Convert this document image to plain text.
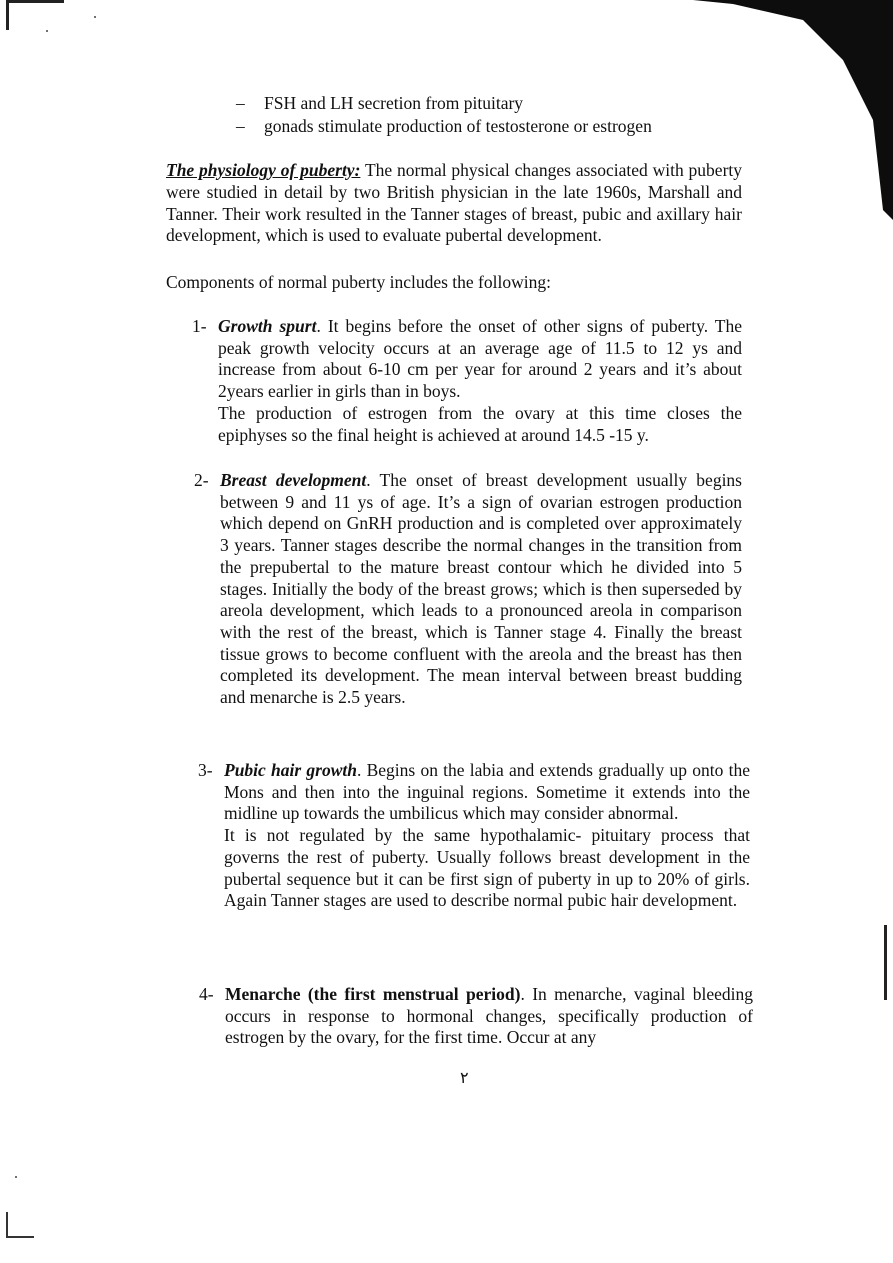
– FSH and LH secretion from pituitary
– gonads stimulate production of testosterone or estrogen
The physiology of puberty: The normal physical changes associated with puberty were studied in detail by two British physician in the late 1960s, Marshall and Tanner. Their work resulted in the Tanner stages of breast, pubic and axillary hair development, which is used to evaluate pubertal development.
Components of normal puberty includes the following:
1- Growth spurt. It begins before the onset of other signs of puberty. The peak growth velocity occurs at an average age of 11.5 to 12 ys and increase from about 6-10 cm per year for around 2 years and it’s about 2years earlier in girls than in boys.

The production of estrogen from the ovary at this time closes the epiphyses so the final height is achieved at around 14.5 -15 y.

2- Breast development. The onset of breast development usually begins between 9 and 11 ys of age. It’s a sign of ovarian estrogen production which depend on GnRH production and is completed over approximately 3 years. Tanner stages describe the normal changes in the transition from the prepubertal to the mature breast contour which he divided into 5 stages. Initially the body of the breast grows; which is then superseded by areola development, which leads to a pronounced areola in comparison with the rest of the breast, which is Tanner stage 4. Finally the breast tissue grows to become confluent with the areola and the breast has then completed its development. The mean interval between breast budding and menarche is 2.5 years.

3- Pubic hair growth. Begins on the labia and extends gradually up onto the Mons and then into the inguinal regions. Sometime it extends into the midline up towards the umbilicus which may consider abnormal.

It is not regulated by the same hypothalamic- pituitary process that governs the rest of puberty. Usually follows breast development in the pubertal sequence but it can be first sign of puberty in up to 20% of girls. Again Tanner stages are used to describe normal pubic hair development.

4- Menarche (the first menstrual period). In menarche, vaginal bleeding occurs in response to hormonal changes, specifically production of estrogen by the ovary, for the first time. Occur at any

٢
